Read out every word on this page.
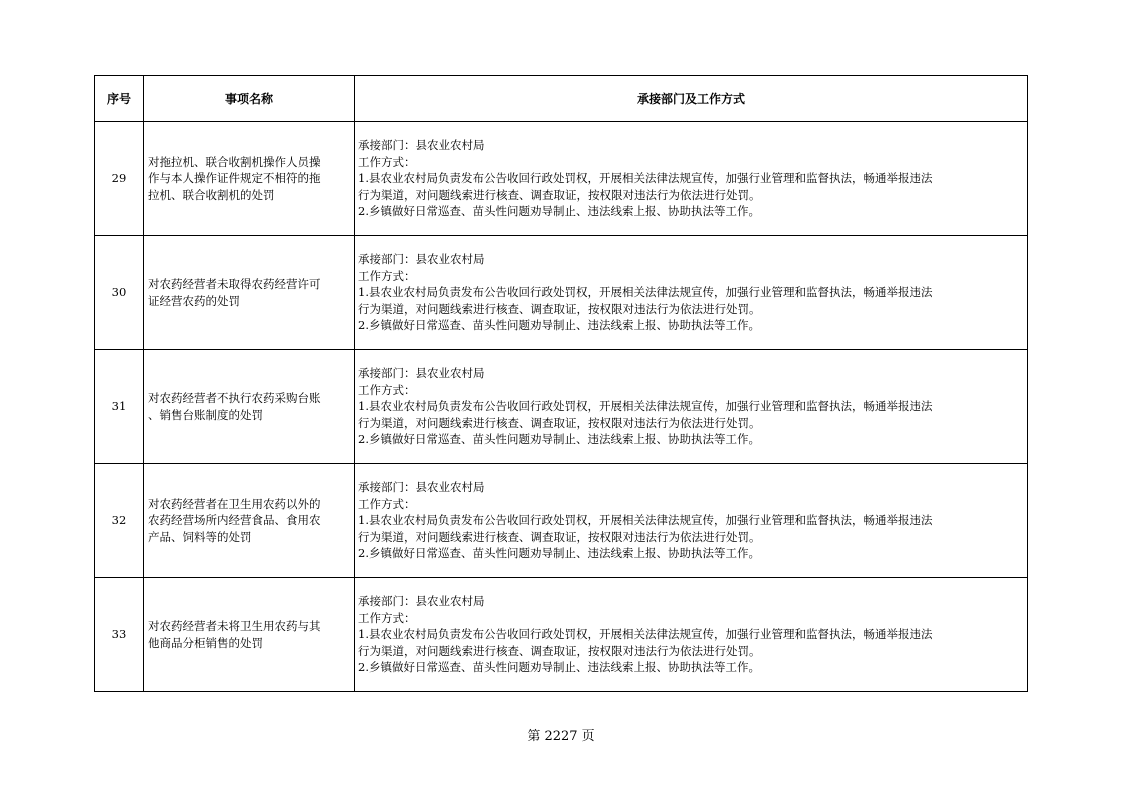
序号	事项名称	承接部门及工作方式
29	对拖拉机、联合收割机操作人员操
作与本人操作证件规定不相符的拖
拉机、联合收割机的处罚	承接部门：县农业农村局
工作方式：
1.县农业农村局负责发布公告收回行政处罚权，开展相关法律法规宣传，加强行业管理和监督执法，畅通举报违法
行为渠道，对问题线索进行核查、调查取证，按权限对违法行为依法进行处罚。
2.乡镇做好日常巡查、苗头性问题劝导制止、违法线索上报、协助执法等工作。

30	对农药经营者未取得农药经营许可
证经营农药的处罚	承接部门：县农业农村局
工作方式：
1.县农业农村局负责发布公告收回行政处罚权，开展相关法律法规宣传，加强行业管理和监督执法，畅通举报违法
行为渠道，对问题线索进行核查、调查取证，按权限对违法行为依法进行处罚。
2.乡镇做好日常巡查、苗头性问题劝导制止、违法线索上报、协助执法等工作。

31	对农药经营者不执行农药采购台账
、销售台账制度的处罚	承接部门：县农业农村局
工作方式：
1.县农业农村局负责发布公告收回行政处罚权，开展相关法律法规宣传，加强行业管理和监督执法，畅通举报违法
行为渠道，对问题线索进行核查、调查取证，按权限对违法行为依法进行处罚。
2.乡镇做好日常巡查、苗头性问题劝导制止、违法线索上报、协助执法等工作。

32	对农药经营者在卫生用农药以外的
农药经营场所内经营食品、食用农
产品、饲料等的处罚	承接部门：县农业农村局
工作方式：
1.县农业农村局负责发布公告收回行政处罚权，开展相关法律法规宣传，加强行业管理和监督执法，畅通举报违法
行为渠道，对问题线索进行核查、调查取证，按权限对违法行为依法进行处罚。
2.乡镇做好日常巡查、苗头性问题劝导制止、违法线索上报、协助执法等工作。

33	对农药经营者未将卫生用农药与其
他商品分柜销售的处罚	承接部门：县农业农村局
工作方式：
1.县农业农村局负责发布公告收回行政处罚权，开展相关法律法规宣传，加强行业管理和监督执法，畅通举报违法
行为渠道，对问题线索进行核查、调查取证，按权限对违法行为依法进行处罚。
2.乡镇做好日常巡查、苗头性问题劝导制止、违法线索上报、协助执法等工作。
第 2227 页
